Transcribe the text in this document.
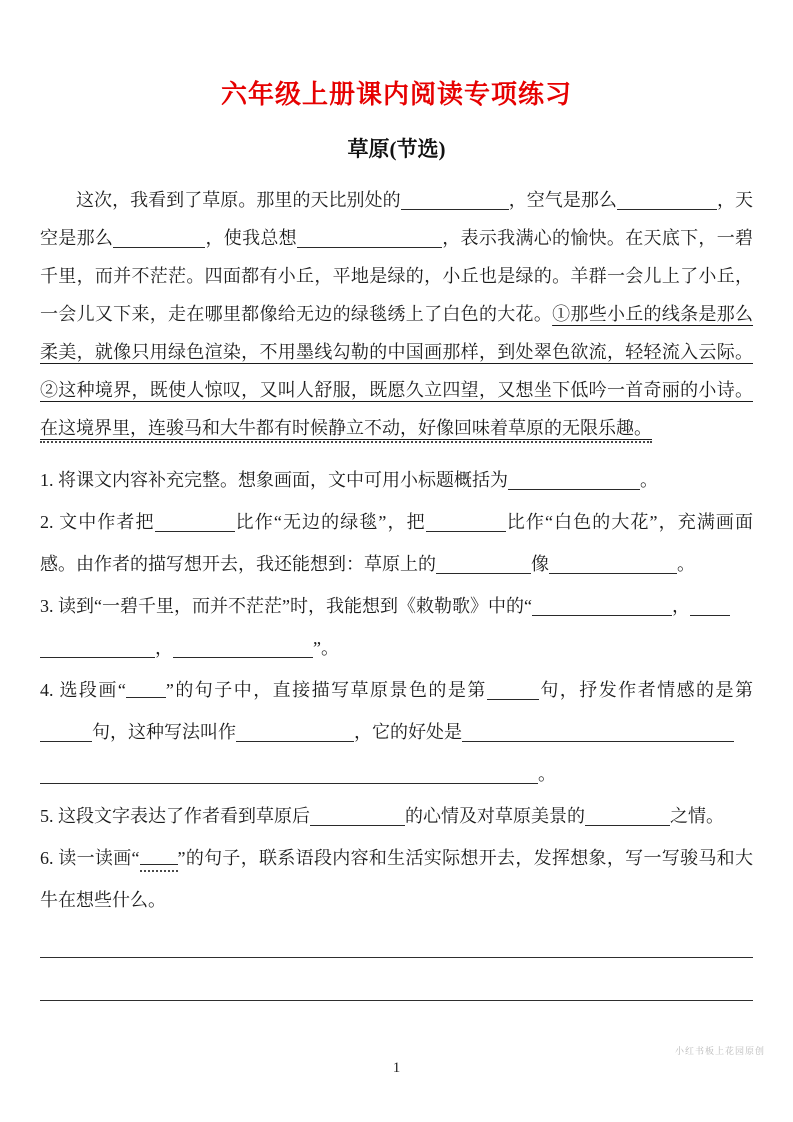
六年级上册课内阅读专项练习
草原(节选)
这次，我看到了草原。那里的天比别处的	，空气是那么	，天空是那么	，使我总想	，表示我满心的愉快。在天底下，一碧千里，而并不茫茫。四面都有小丘，平地是绿的，小丘也是绿的。羊群一会儿上了小丘， 一会儿又下来，走在哪里都像给无边的绿毯绣上了白色的大花。①那些小丘的线条是那么柔美，就像只用绿色渲染，不用墨线勾勒的中国画那样，到处翠色欲流，轻轻流入云际。②这种境界，既使人惊叹，又叫人舒服，既愿久立四望，又想坐下低吟一首奇丽的小诗。在这境界里，连骏马和大牛都有时候静立不动，好像回味着草原的无限乐趣。
1. 将课文内容补充完整。想象画面，文中可用小标题概括为	。
2. 文中作者把	比作“无边的绿毯”，把	比作“白色的大花”，充满画面感。由作者的描写想开去，我还能想到：草原上的	像	。
3. 读到“一碧千里，而并不茫茫”时，我能想到《敕勒歌》中的“	，
，	”。
4. 选段画“ ”的句子中，直接描写草原景色的是第	句，抒发作者情感的是第句，这种写法叫作	，它的好处是
。
5. 这段文字表达了作者看到草原后	的心情及对草原美景的	之情。
6. 读一读画“ ”的句子，联系语段内容和生活实际想开去，发挥想象，写一写骏马和大牛在想些什么。
小红书板上花园原创
1
